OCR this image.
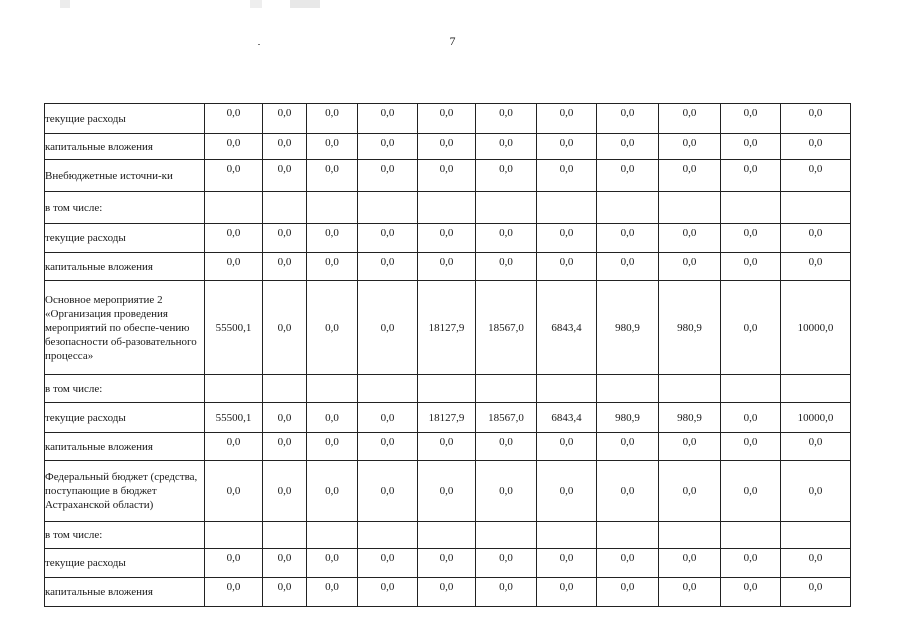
7
текущие расходы	0,0	0,0	0,0	0,0	0,0	0,0	0,0	0,0	0,0	0,0	0,0
капитальные вложения	0,0	0,0	0,0	0,0	0,0	0,0	0,0	0,0	0,0	0,0	0,0
Внебюджетные источни-ки	0,0	0,0	0,0	0,0	0,0	0,0	0,0	0,0	0,0	0,0	0,0
в том числе:											
текущие расходы	0,0	0,0	0,0	0,0	0,0	0,0	0,0	0,0	0,0	0,0	0,0
капитальные вложения	0,0	0,0	0,0	0,0	0,0	0,0	0,0	0,0	0,0	0,0	0,0
Основное мероприятие 2 «Организация проведения мероприятий по обеспе-чению безопасности об-разовательного процесса»	55500,1	0,0	0,0	0,0	18127,9	18567,0	6843,4	980,9	980,9	0,0	10000,0
в том числе:											
текущие расходы	55500,1	0,0	0,0	0,0	18127,9	18567,0	6843,4	980,9	980,9	0,0	10000,0
капитальные вложения	0,0	0,0	0,0	0,0	0,0	0,0	0,0	0,0	0,0	0,0	0,0
Федеральный бюджет (средства, поступающие в бюджет Астраханской области)	0,0	0,0	0,0	0,0	0,0	0,0	0,0	0,0	0,0	0,0	0,0
в том числе:											
текущие расходы	0,0	0,0	0,0	0,0	0,0	0,0	0,0	0,0	0,0	0,0	0,0
капитальные вложения	0,0	0,0	0,0	0,0	0,0	0,0	0,0	0,0	0,0	0,0	0,0
